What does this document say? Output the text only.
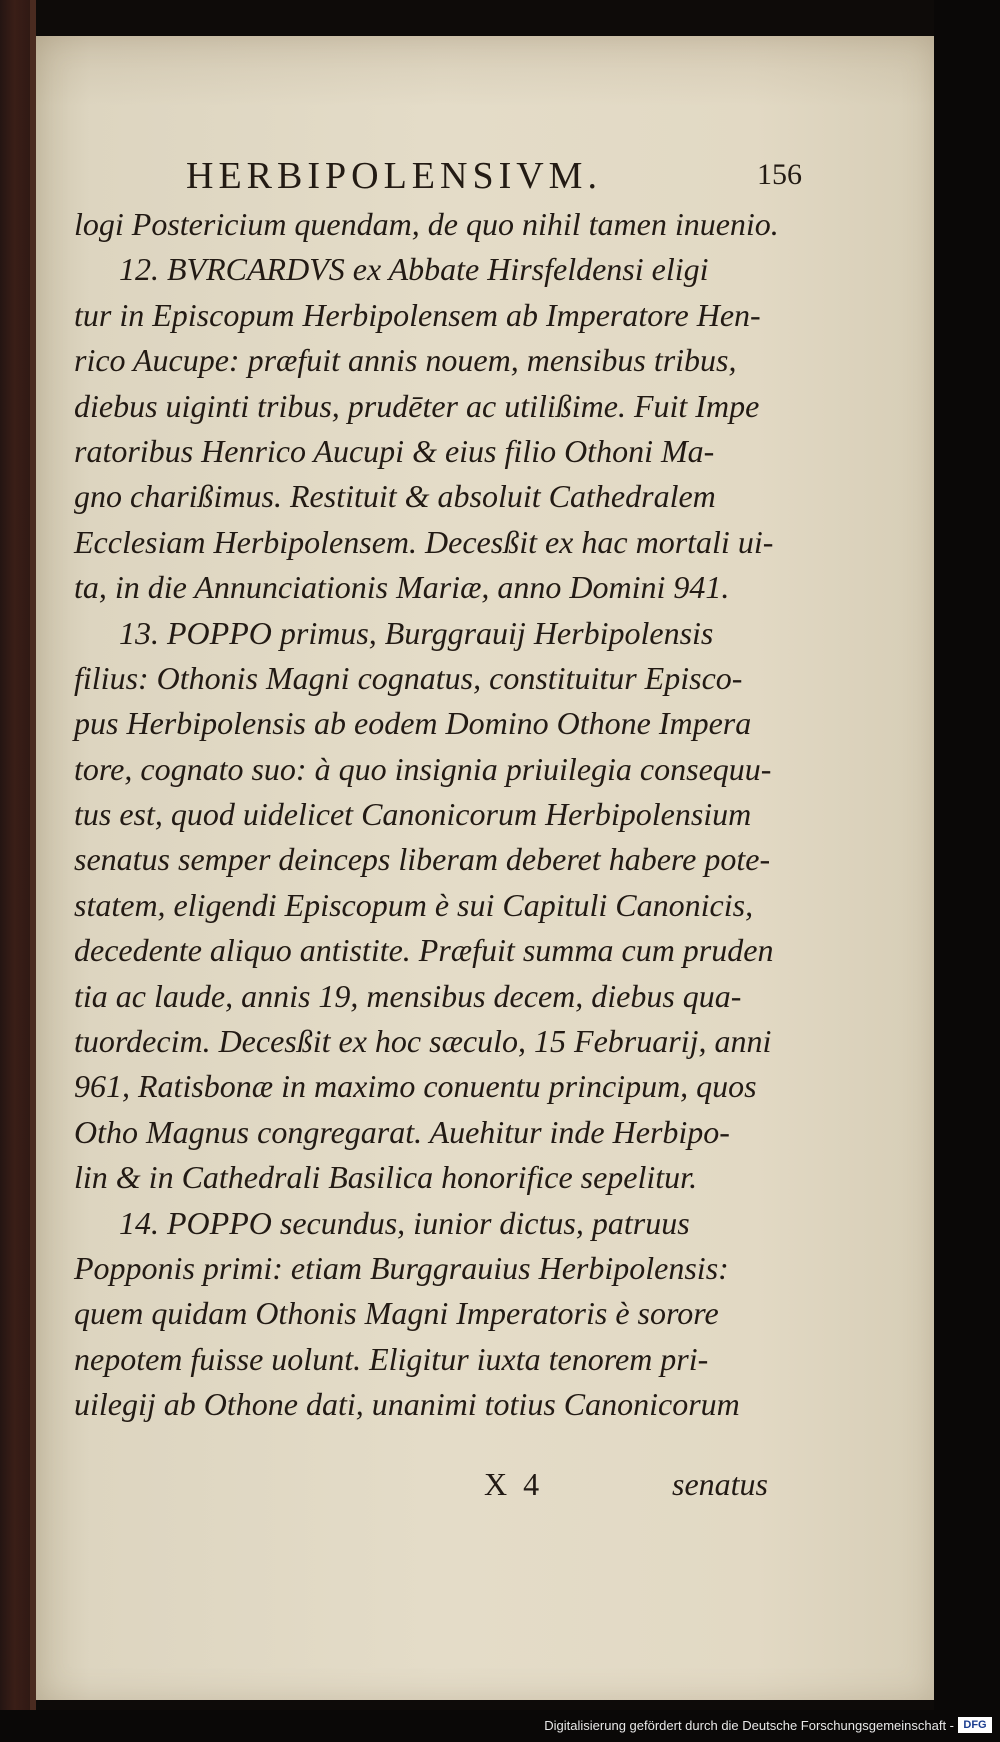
HERBIPOLENSIVM.	156
logi Postericium quendam, de quo nihil tamen inuenio.
12. BVRCARDVS ex Abbate Hirsfeldensi eligi
tur in Episcopum Herbipolensem ab Imperatore Hen-
rico Aucupe: præfuit annis nouem, mensibus tribus,
diebus uiginti tribus, prudēter ac utilißime. Fuit Impe
ratoribus Henrico Aucupi & eius filio Othoni Ma-
gno charißimus. Restituit & absoluit Cathedralem
Ecclesiam Herbipolensem. Decesßit ex hac mortali ui-
ta, in die Annunciationis Mariæ, anno Domini 941.
13. POPPO primus, Burggrauij Herbipolensis
filius: Othonis Magni cognatus, constituitur Episco-
pus Herbipolensis ab eodem Domino Othone Impera
tore, cognato suo: à quo insignia priuilegia consequu-
tus est, quod uidelicet Canonicorum Herbipolensium
senatus semper deinceps liberam deberet habere pote-
statem, eligendi Episcopum è sui Capituli Canonicis,
decedente aliquo antistite. Præfuit summa cum pruden
tia ac laude, annis 19, mensibus decem, diebus qua-
tuordecim. Decesßit ex hoc sæculo, 15 Februarij, anni
961, Ratisbonæ in maximo conuentu principum, quos
Otho Magnus congregarat. Auehitur inde Herbipo-
lin & in Cathedrali Basilica honorifice sepelitur.
14. POPPO secundus, iunior dictus, patruus
Popponis primi: etiam Burggrauius Herbipolensis:
quem quidam Othonis Magni Imperatoris è sorore
nepotem fuisse uolunt. Eligitur iuxta tenorem pri-
uilegij ab Othone dati, unanimi totius Canonicorum
X 4	senatus
Digitalisierung gefördert durch die Deutsche Forschungsgemeinschaft - DFG
